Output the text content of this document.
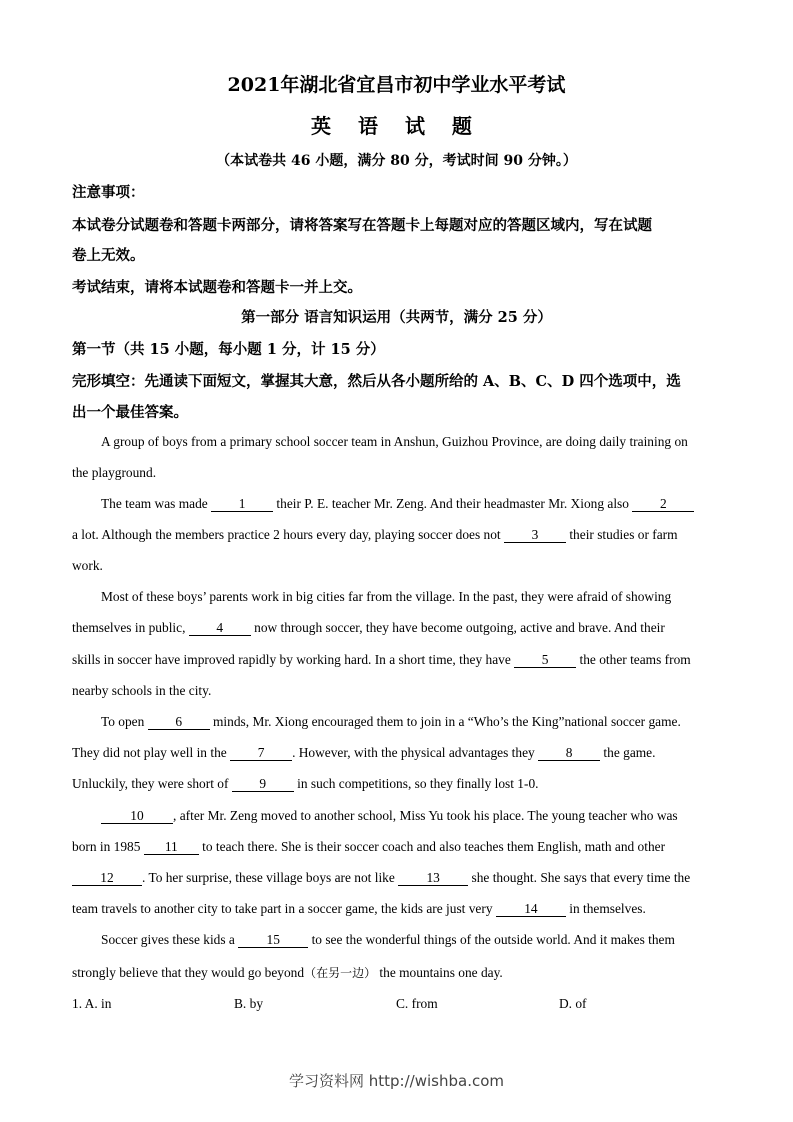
2021年湖北省宜昌市初中学业水平考试
英 语 试 题
（本试卷共 46 小题，满分 80 分，考试时间 90 分钟。）
注意事项：
本试卷分试题卷和答题卡两部分，请将答案写在答题卡上每题对应的答题区域内，写在试题
卷上无效。
考试结束，请将本试题卷和答题卡一并上交。
第一部分 语言知识运用（共两节，满分 25 分）
第一节（共 15 小题，每小题 1 分，计 15 分）
完形填空：先通读下面短文，掌握其大意，然后从各小题所给的 A、B、C、D 四个选项中，选
出一个最佳答案。
A group of boys from a primary school soccer team in Anshun, Guizhou Province, are doing daily training on
the playground.
The team was made 1 their P. E. teacher Mr. Zeng. And their headmaster Mr. Xiong also 2
a lot. Although the members practice 2 hours every day, playing soccer does not 3 their studies or farm
work.
Most of these boys’ parents work in big cities far from the village. In the past, they were afraid of showing
themselves in public, 4 now through soccer, they have become outgoing, active and brave. And their
skills in soccer have improved rapidly by working hard. In a short time, they have 5 the other teams from
nearby schools in the city.
To open 6 minds, Mr. Xiong encouraged them to join in a “Who’s the King”national soccer game.
They did not play well in the 7 . However, with the physical advantages they 8 the game.
Unluckily, they were short of 9 in such competitions, so they finally lost 1-0.
10 , after Mr. Zeng moved to another school, Miss Yu took his place. The young teacher who was
born in 1985 11 to teach there. She is their soccer coach and also teaches them English, math and other
12 . To her surprise, these village boys are not like 13 she thought. She says that every time the
team travels to another city to take part in a soccer game, the kids are just very 14 in themselves.
Soccer gives these kids a 15 to see the wonderful things of the outside world. And it makes them
strongly believe that they would go beyond（在另一边） the mountains one day.
1. A. in	B. by	C. from	D. of
学习资料网 http://wishba.com
